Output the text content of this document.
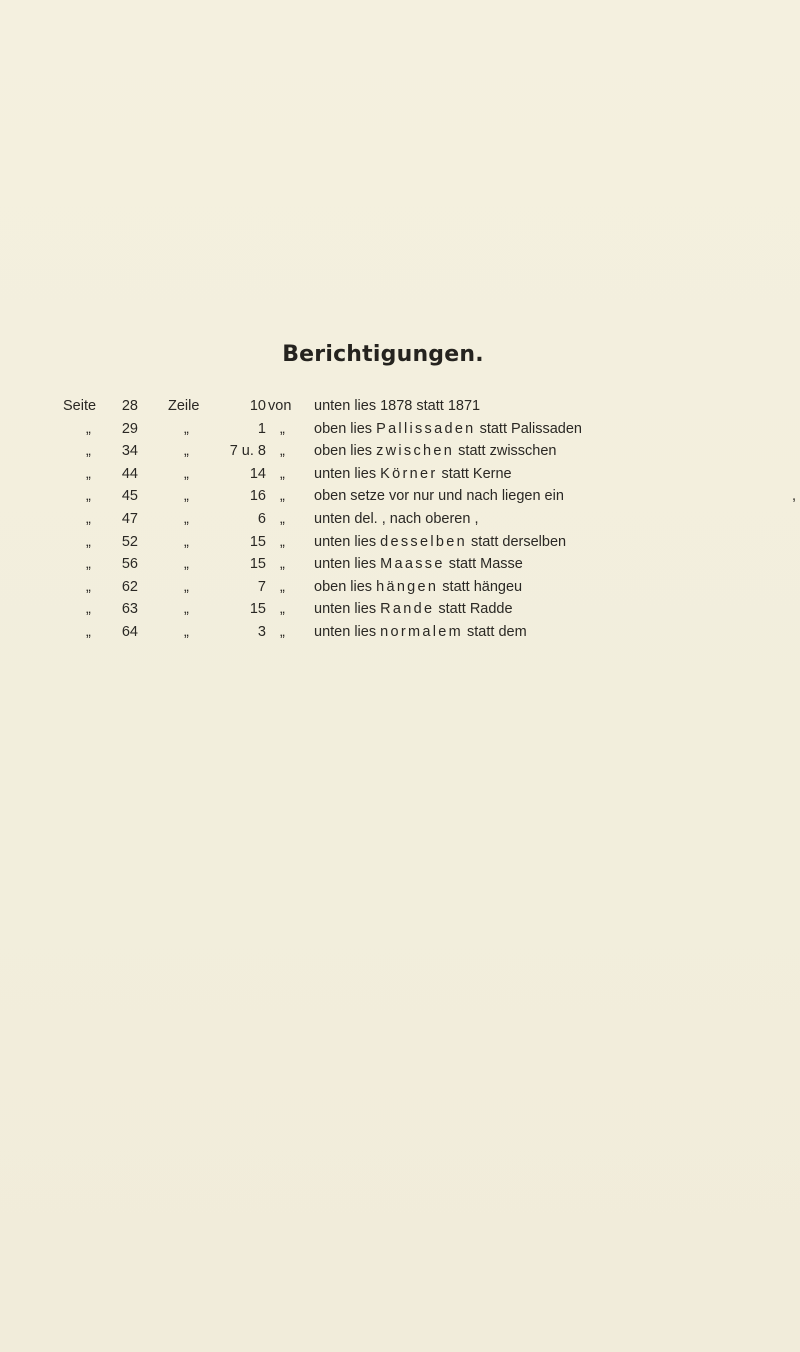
Berichtigungen.
Seite	28 Zeile	10 von unten lies 1878 statt 1871
„	29	„	1 „ oben lies Pallissaden statt Palissaden
„	34	„	7 u. 8 „ oben lies zwischen statt zwisschen
„	44	„	14 „ unten lies Körner statt Kerne
„	45	„	16 „ oben setze vor nur und nach liegen ein	,
„	47	„	6 „ unten del. , nach oberen ,
„	52	„	15 „ unten lies desselben statt derselben
„	56	„	15 „ unten lies Maasse statt Masse
„	62	„	7 „ oben lies hängen statt hängeu
„	63	„	15 „ unten lies Rande statt Radde
„	64	„	3 „ unten lies normalem statt dem
